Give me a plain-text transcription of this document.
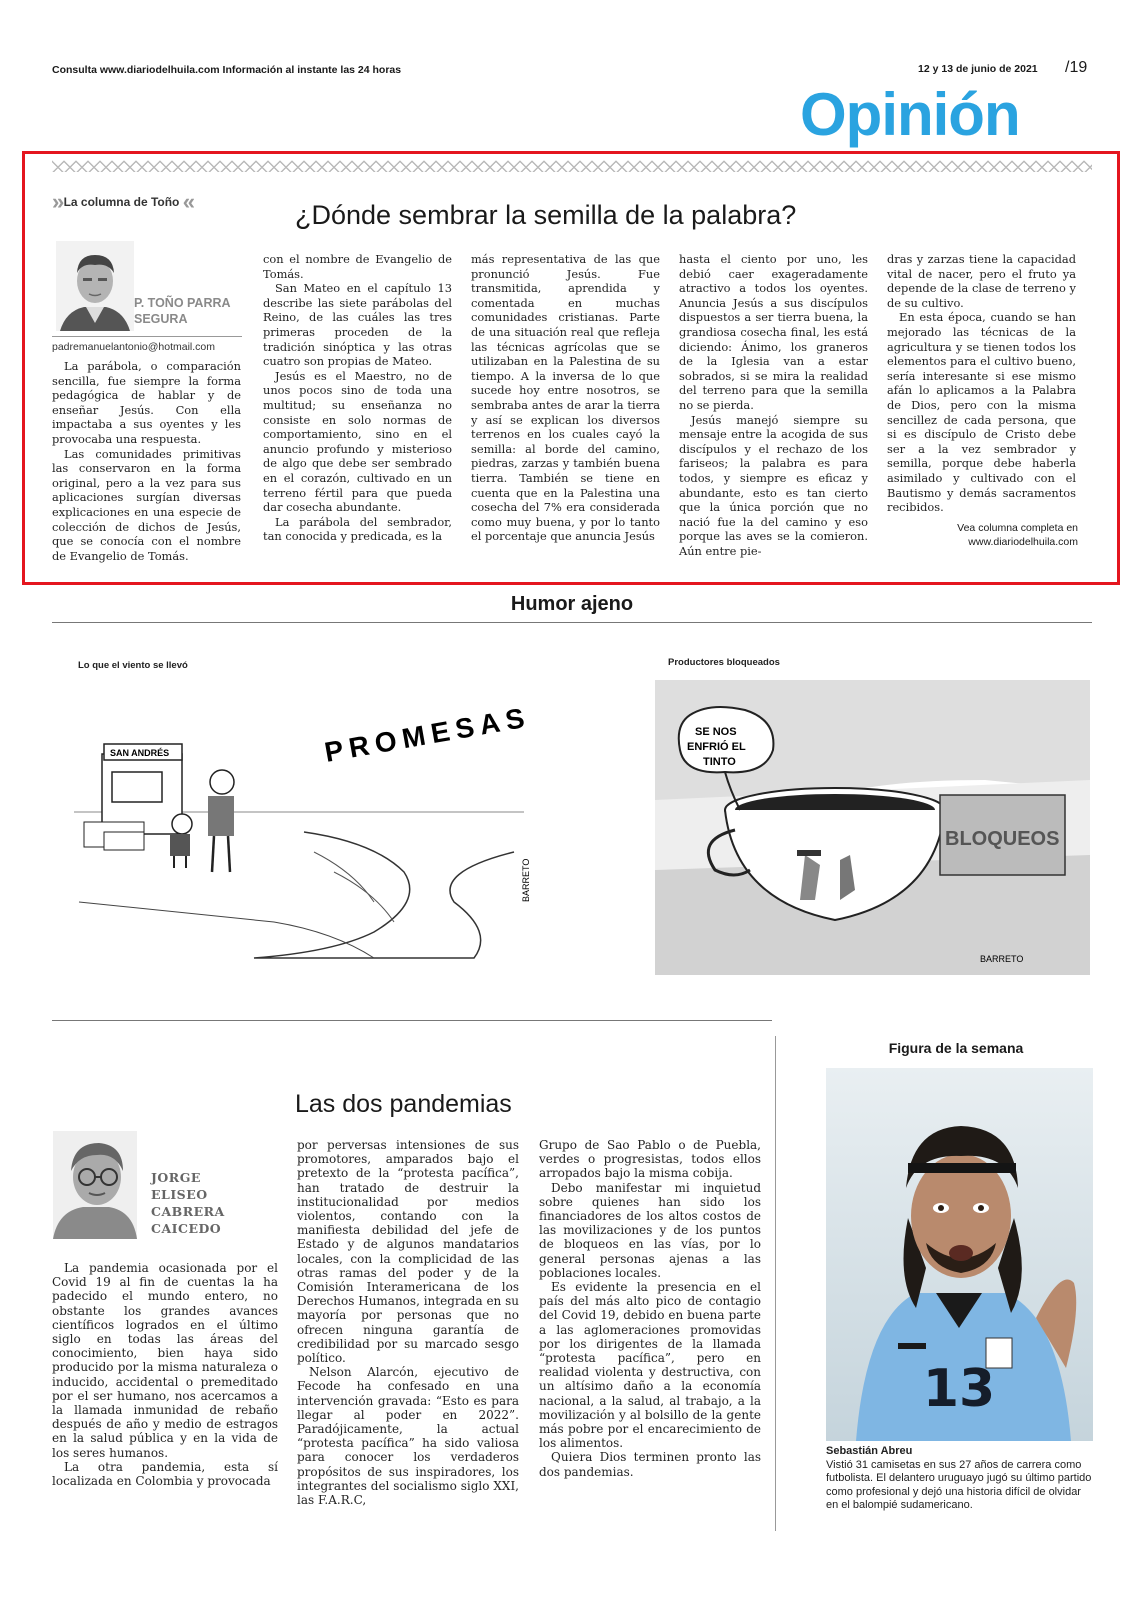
Consulta www.diariodelhuila.com Información al instante las 24 horas	12 y 13 de junio de 2021 /19
Opinión
» La columna de Toño «	¿Dónde sembrar la semilla de la palabra?
P. TOÑO PARRA SEGURA
padremanuelantonio@hotmail.com

La parábola, o comparación sencilla, fue siempre la forma pedagógica de hablar y de enseñar Jesús. Con ella impactaba a sus oyentes y les provocaba una respuesta.

Las comunidades primitivas las conservaron en la forma original, pero a la vez para sus aplicaciones surgían diversas explicaciones en una especie de colección de dichos de Jesús, que se conocía con el nombre de Evangelio de Tomás.

con el nombre de Evangelio de Tomás.

San Mateo en el capítulo 13 describe las siete parábolas del Reino, de las cuáles las tres primeras proceden de la tradición sinóptica y las otras cuatro son propias de Mateo.

Jesús es el Maestro, no de unos pocos sino de toda una multitud; su enseñanza no consiste en solo normas de comportamiento, sino en el anuncio profundo y misterioso de algo que debe ser sembrado en el corazón, cultivado en un terreno fértil para que pueda dar cosecha abundante.

La parábola del sembrador, tan conocida y predicada, es la

más representativa de las que pronunció Jesús. Fue transmitida, aprendida y comentada en muchas comunidades cristianas. Parte de una situación real que refleja las técnicas agrícolas que se utilizaban en la Palestina de su tiempo. A la inversa de lo que sucede hoy entre nosotros, se sembraba antes de arar la tierra y así se explican los diversos terrenos en los cuales cayó la semilla: al borde del camino, piedras, zarzas y también buena tierra. También se tiene en cuenta que en la Palestina una cosecha del 7% era considerada como muy buena, y por lo tanto el porcentaje que anuncia Jesús

hasta el ciento por uno, les debió caer exageradamente atractivo a todos los oyentes. Anuncia Jesús a sus discípulos dispuestos a ser tierra buena, la grandiosa cosecha final, les está diciendo: Ánimo, los graneros de la Iglesia van a estar sobrados, si se mira la realidad del terreno para que la semilla no se pierda.

Jesús manejó siempre su mensaje entre la acogida de sus discípulos y el rechazo de los fariseos; la palabra es para todos, y siempre es eficaz y abundante, esto es tan cierto que la única porción que no nació fue la del camino y eso porque las aves se la comieron. Aún entre pie-

dras y zarzas tiene la capacidad vital de nacer, pero el fruto ya depende de la clase de terreno y de su cultivo.

En esta época, cuando se han mejorado las técnicas de la agricultura y se tienen todos los elementos para el cultivo bueno, sería interesante si ese mismo afán lo aplicamos a la Palabra de Dios, pero con la misma sencillez de cada persona, que si es discípulo de Cristo debe ser a la vez sembrador y semilla, porque debe haberla asimilado y cultivado con el Bautismo y demás sacramentos recibidos.

Vea columna completa en www.diariodelhuila.com
Humor ajeno
Lo que el viento se llevó
SAN ANDRÉS	PROMESAS
BARRETO
Productores bloqueados
BLOQUEOS
SE NOS
ENFRIÓ EL
TINTO
BARRETO
Las dos pandemias
JORGE ELISEO CABRERA CAICEDO

La pandemia ocasionada por el Covid 19 al fin de cuentas la ha padecido el mundo entero, no obstante los grandes avances científicos logrados en el último siglo en todas las áreas del conocimiento, bien haya sido producido por la misma naturaleza o inducido, accidental o premeditado por el ser humano, nos acercamos a la llamada inmunidad de rebaño después de año y medio de estragos en la salud pública y en la vida de los seres humanos.

La otra pandemia, esta sí localizada en Colombia y provocada

por perversas intensiones de sus promotores, amparados bajo el pretexto de la “protesta pacífica”, han tratado de destruir la institucionalidad por medios violentos, contando con la manifiesta debilidad del jefe de Estado y de algunos mandatarios locales, con la complicidad de las otras ramas del poder y de la Comisión Interamericana de los Derechos Humanos, integrada en su mayoría por personas que no ofrecen ninguna garantía de credibilidad por su marcado sesgo político.

Nelson Alarcón, ejecutivo de Fecode ha confesado en una intervención gravada: “Esto es para llegar al poder en 2022”. Paradójicamente, la actual “protesta pacífica” ha sido valiosa para conocer los verdaderos propósitos de sus inspiradores, los integrantes del socialismo siglo XXI, las F.A.R.C,

Grupo de Sao Pablo o de Puebla, verdes o progresistas, todos ellos arropados bajo la misma cobija.

Debo manifestar mi inquietud sobre quienes han sido los financiadores de los altos costos de las movilizaciones y de los puntos de bloqueos en las vías, por lo general personas ajenas a las poblaciones locales.

Es evidente la presencia en el país del más alto pico de contagio del Covid 19, debido en buena parte a las aglomeraciones promovidas por los dirigentes de la llamada “protesta pacífica”, pero en realidad violenta y destructiva, con un altísimo daño a la economía nacional, a la salud, al trabajo, a la movilización y al bolsillo de la gente más pobre por el encarecimiento de los alimentos.

Quiera Dios terminen pronto las dos pandemias.

Figura de la semana
13
Sebastián Abreu
Vistió 31 camisetas en sus 27 años de carrera como futbolista. El delantero uruguayo jugó su último partido como profesional y dejó una historia difícil de olvidar en el balompié sudamericano.
